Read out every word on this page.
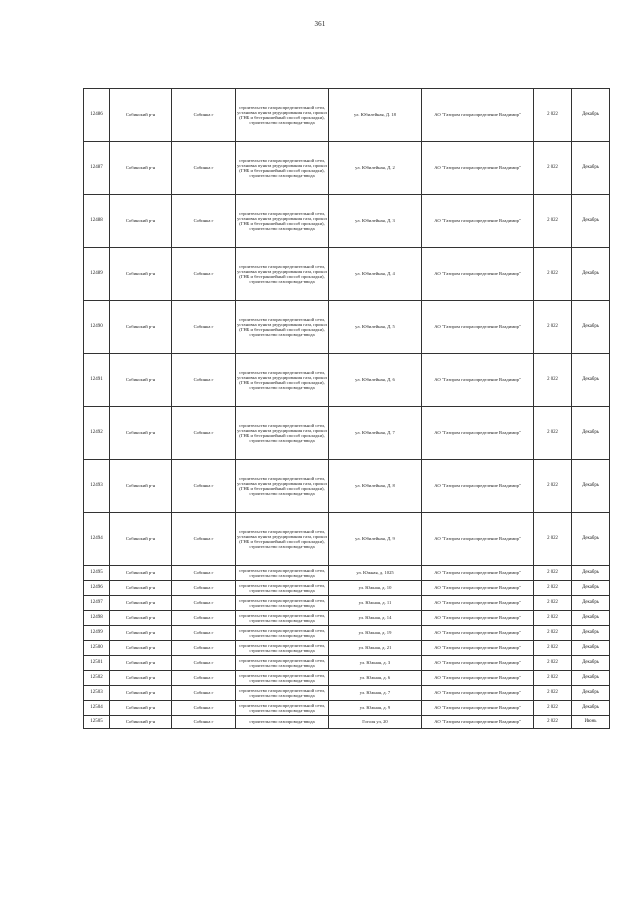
361
12486	Собинский р-н	Собинка г	строительство газораспределительной сети, установка пункта редуцирования газа, прокол (ГНБ и бестраншейный способ прокладки), строительство газопровода-ввода	ул. Юбилейная, Д. 18	АО "Газпром газораспределение Владимир"	2 022	Декабрь

12487	Собинский р-н	Собинка г	строительство газораспределительной сети, установка пункта редуцирования газа, прокол (ГНБ и бестраншейный способ прокладки), строительство газопровода-ввода	ул. Юбилейная, Д. 2	АО "Газпром газораспределение Владимир"	2 022	Декабрь

12488	Собинский р-н	Собинка г	строительство газораспределительной сети, установка пункта редуцирования газа, прокол (ГНБ и бестраншейный способ прокладки), строительство газопровода-ввода	ул. Юбилейная, Д. 3	АО "Газпром газораспределение Владимир"	2 022	Декабрь

12489	Собинский р-н	Собинка г	строительство газораспределительной сети, установка пункта редуцирования газа, прокол (ГНБ и бестраншейный способ прокладки), строительство газопровода-ввода	ул. Юбилейная, Д. 4	АО "Газпром газораспределение Владимир"	2 022	Декабрь

12490	Собинский р-н	Собинка г	строительство газораспределительной сети, установка пункта редуцирования газа, прокол (ГНБ и бестраншейный способ прокладки), строительство газопровода-ввода	ул. Юбилейная, Д. 5	АО "Газпром газораспределение Владимир"	2 022	Декабрь

12491	Собинский р-н	Собинка г	строительство газораспределительной сети, установка пункта редуцирования газа, прокол (ГНБ и бестраншейный способ прокладки), строительство газопровода-ввода	ул. Юбилейная, Д. 6	АО "Газпром газораспределение Владимир"	2 022	Декабрь

12492	Собинский р-н	Собинка г	строительство газораспределительной сети, установка пункта редуцирования газа, прокол (ГНБ и бестраншейный способ прокладки), строительство газопровода-ввода	ул. Юбилейная, Д. 7	АО "Газпром газораспределение Владимир"	2 022	Декабрь

12493	Собинский р-н	Собинка г	строительство газораспределительной сети, установка пункта редуцирования газа, прокол (ГНБ и бестраншейный способ прокладки), строительство газопровода-ввода	ул. Юбилейная, Д. 8	АО "Газпром газораспределение Владимир"	2 022	Декабрь

12494	Собинский р-н	Собинка г	строительство газораспределительной сети, установка пункта редуцирования газа, прокол (ГНБ и бестраншейный способ прокладки), строительство газопровода-ввода	ул. Юбилейная, Д. 9	АО "Газпром газораспределение Владимир"	2 022	Декабрь

12495	Собинский р-н	Собинка г	строительство газораспределительной сети, строительство газопровода-ввода	ул. Южная, д. 1025	АО "Газпром газораспределение Владимир"	2 022	Декабрь

12496	Собинский р-н	Собинка г	строительство газораспределительной сети, строительство газопровода-ввода	ул. Южная, д. 10	АО "Газпром газораспределение Владимир"	2 022	Декабрь

12497	Собинский р-н	Собинка г	строительство газораспределительной сети, строительство газопровода-ввода	ул. Южная, д. 11	АО "Газпром газораспределение Владимир"	2 022	Декабрь

12498	Собинский р-н	Собинка г	строительство газораспределительной сети, строительство газопровода-ввода	ул. Южная, д. 14	АО "Газпром газораспределение Владимир"	2 022	Декабрь

12499	Собинский р-н	Собинка г	строительство газораспределительной сети, строительство газопровода-ввода	ул. Южная, д. 19	АО "Газпром газораспределение Владимир"	2 022	Декабрь

12500	Собинский р-н	Собинка г	строительство газораспределительной сети, строительство газопровода-ввода	ул. Южная, д. 21	АО "Газпром газораспределение Владимир"	2 022	Декабрь

12501	Собинский р-н	Собинка г	строительство газораспределительной сети, строительство газопровода-ввода	ул. Южная, д. 3	АО "Газпром газораспределение Владимир"	2 022	Декабрь

12502	Собинский р-н	Собинка г	строительство газораспределительной сети, строительство газопровода-ввода	ул. Южная, д. 6	АО "Газпром газораспределение Владимир"	2 022	Декабрь

12503	Собинский р-н	Собинка г	строительство газораспределительной сети, строительство газопровода-ввода	ул. Южная, д. 7	АО "Газпром газораспределение Владимир"	2 022	Декабрь

12504	Собинский р-н	Собинка г	строительство газораспределительной сети, строительство газопровода-ввода	ул. Южная, д. 9	АО "Газпром газораспределение Владимир"	2 022	Декабрь

12505	Собинский р-н	Собинка г	строительство газопровода-ввода	Гоголя ул, 20	АО "Газпром газораспределение Владимир"	2 022	Июнь
